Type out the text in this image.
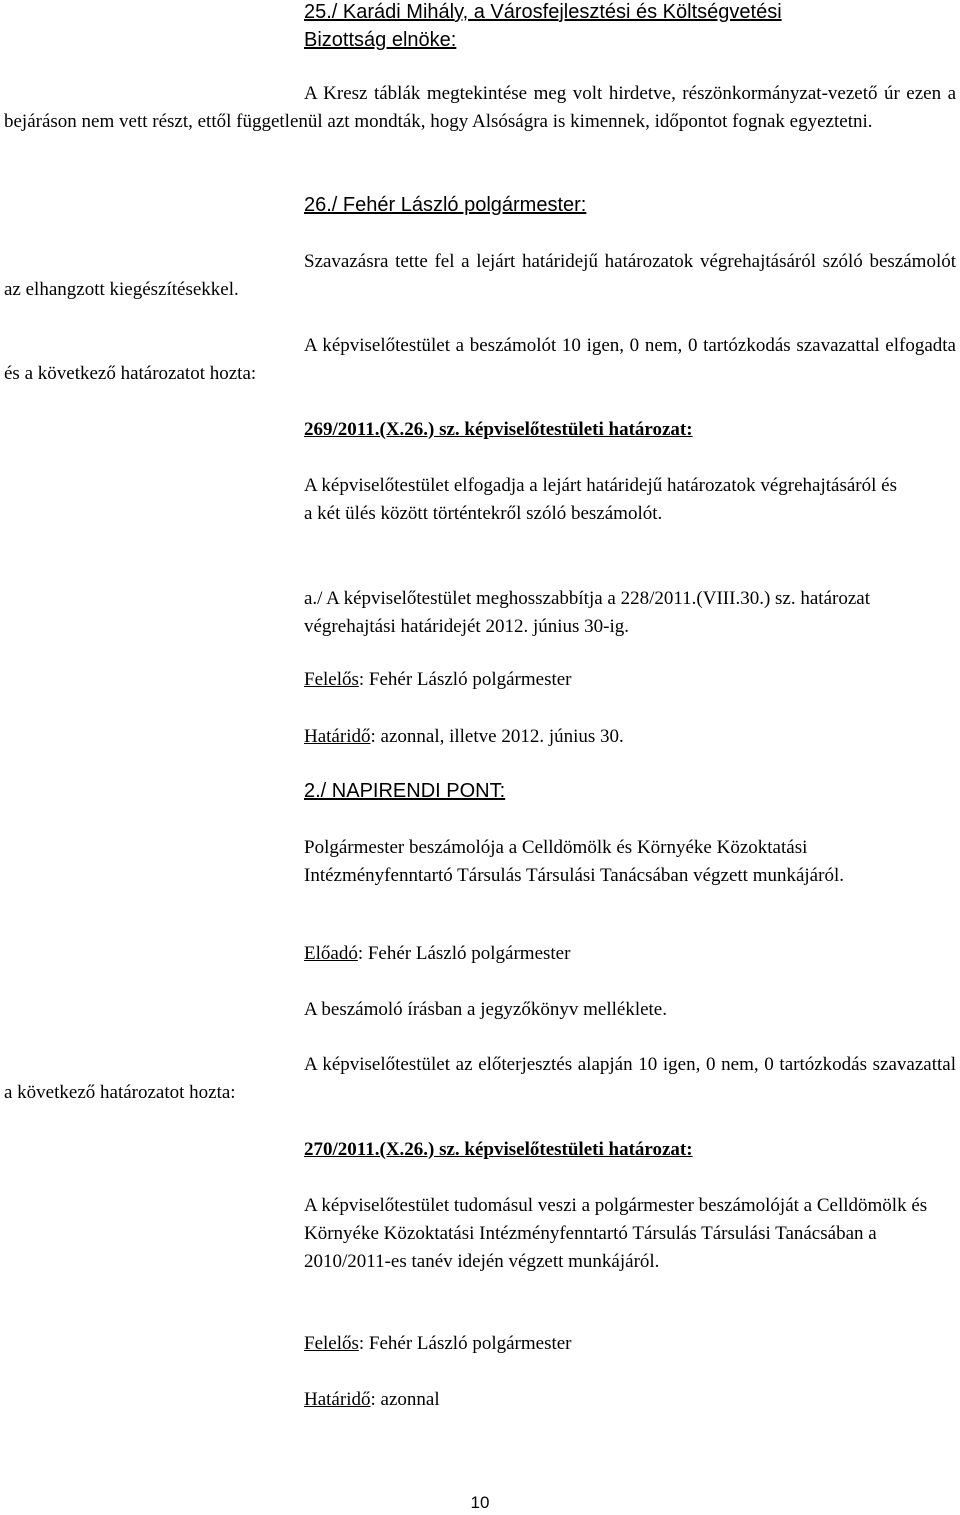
25./ Karádi Mihály, a Városfejlesztési és Költségvetési
Bizottság elnöke:

A Kresz táblák megtekintése meg volt hirdetve, részönkormányzat-vezető úr ezen a bejáráson nem vett részt, ettől függetlenül azt mondták, hogy Alsóságra is kimennek, időpontot fognak egyeztetni.

26./ Fehér László polgármester:

Szavazásra tette fel a lejárt határidejű határozatok végrehajtásáról szóló beszámolót az elhangzott kiegészítésekkel.

A képviselőtestület a beszámolót 10 igen, 0 nem, 0 tartózkodás szavazattal elfogadta és a következő határozatot hozta:

269/2011.(X.26.) sz. képviselőtestületi határozat:

A képviselőtestület elfogadja a lejárt határidejű határozatok végrehajtásáról és a két ülés között történtekről szóló beszámolót.

a./ A képviselőtestület meghosszabbítja a 228/2011.(VIII.30.) sz. határozat végrehajtási határidejét 2012. június 30-ig.

Felelős: Fehér László polgármester
Határidő: azonnal, illetve 2012. június 30.
2./ NAPIRENDI PONT:

Polgármester beszámolója a Celldömölk és Környéke Közoktatási Intézményfenntartó Társulás Társulási Tanácsában végzett munkájáról.

Előadó: Fehér László polgármester
A beszámoló írásban a jegyzőkönyv melléklete.

A képviselőtestület az előterjesztés alapján 10 igen, 0 nem, 0 tartózkodás szavazattal a következő határozatot hozta:

270/2011.(X.26.) sz. képviselőtestületi határozat:

A képviselőtestület tudomásul veszi a polgármester beszámolóját a Celldömölk és Környéke Közoktatási Intézményfenntartó Társulás Társulási Tanácsában a 2010/2011-es tanév idején végzett munkájáról.

Felelős: Fehér László polgármester
Határidő: azonnal
10
